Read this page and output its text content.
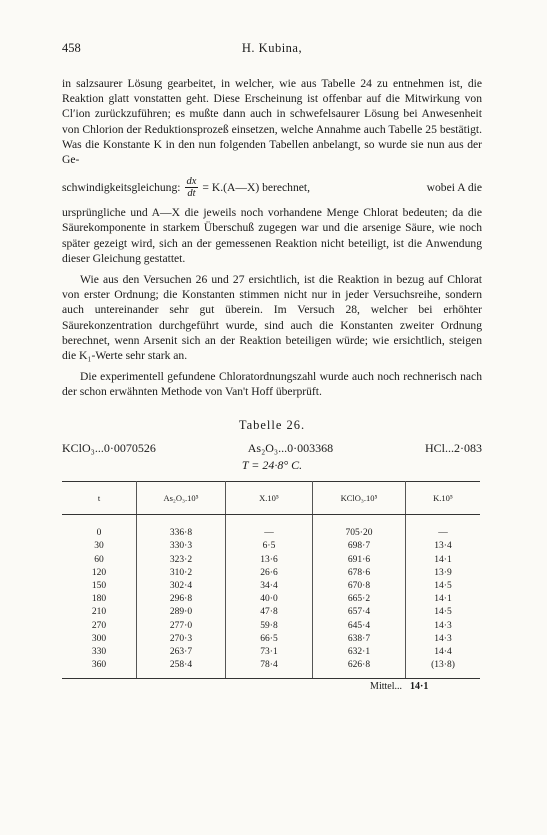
458	H. Kubina,

in salzsaurer Lösung gearbeitet, in welcher, wie aus Tabelle 24 zu entnehmen ist, die Reaktion glatt vonstatten geht. Diese Erscheinung ist offenbar auf die Mitwirkung von Cl′ion zurückzuführen; es mußte dann auch in schwefelsaurer Lösung bei Anwesenheit von Chlorion der Reduktionsprozeß einsetzen, welche Annahme auch Tabelle 25 bestätigt. Was die Konstante K in den nun folgenden Tabellen anbelangt, so wurde sie nun aus der Ge-

schwindigkeitsgleichung: $\frac{dx}{dt}$ = K.(A—X) berechnet,	wobei A die

ursprüngliche und A—X die jeweils noch vorhandene Menge Chlorat bedeuten; da die Säurekomponente in starkem Überschuß zugegen war und die arsenige Säure, wie noch später gezeigt wird, sich an der gemessenen Reaktion nicht beteiligt, ist die Anwendung dieser Gleichung gestattet.

Wie aus den Versuchen 26 und 27 ersichtlich, ist die Reaktion in bezug auf Chlorat von erster Ordnung; die Konstanten stimmen nicht nur in jeder Versuchsreihe, sondern auch untereinander sehr gut überein. Im Versuch 28, welcher bei erhöhter Säurekonzentration durchgeführt wurde, sind auch die Konstanten zweiter Ordnung berechnet, wenn Arsenit sich an der Reaktion beteiligen würde; wie ersichtlich, steigen die K₁-Werte sehr stark an.

Die experimentell gefundene Chloratordnungszahl wurde auch noch rechnerisch nach der schon erwähnten Methode von Van't Hoff überprüft.

Tabelle 26.
KClO₃...0·0070526	As₂O₃...0·003368	HCl...2·083
T = 24·8° C.
t	As₂O₃.10⁵	X.10⁵	KClO₃.10⁵	K.10⁵

0	336·8	—	705·20	—
30	330·3	6·5	698·7	13·4
60	323·2	13·6	691·6	14·1
120	310·2	26·6	678·6	13·9
150	302·4	34·4	670·8	14·5
180	296·8	40·0	665·2	14·1
210	289·0	47·8	657·4	14·5
270	277·0	59·8	645·4	14·3
300	270·3	66·5	638·7	14·3
330	263·7	73·1	632·1	14·4
360	258·4	78·4	626·8	(13·8)

Mittel... 14·1
